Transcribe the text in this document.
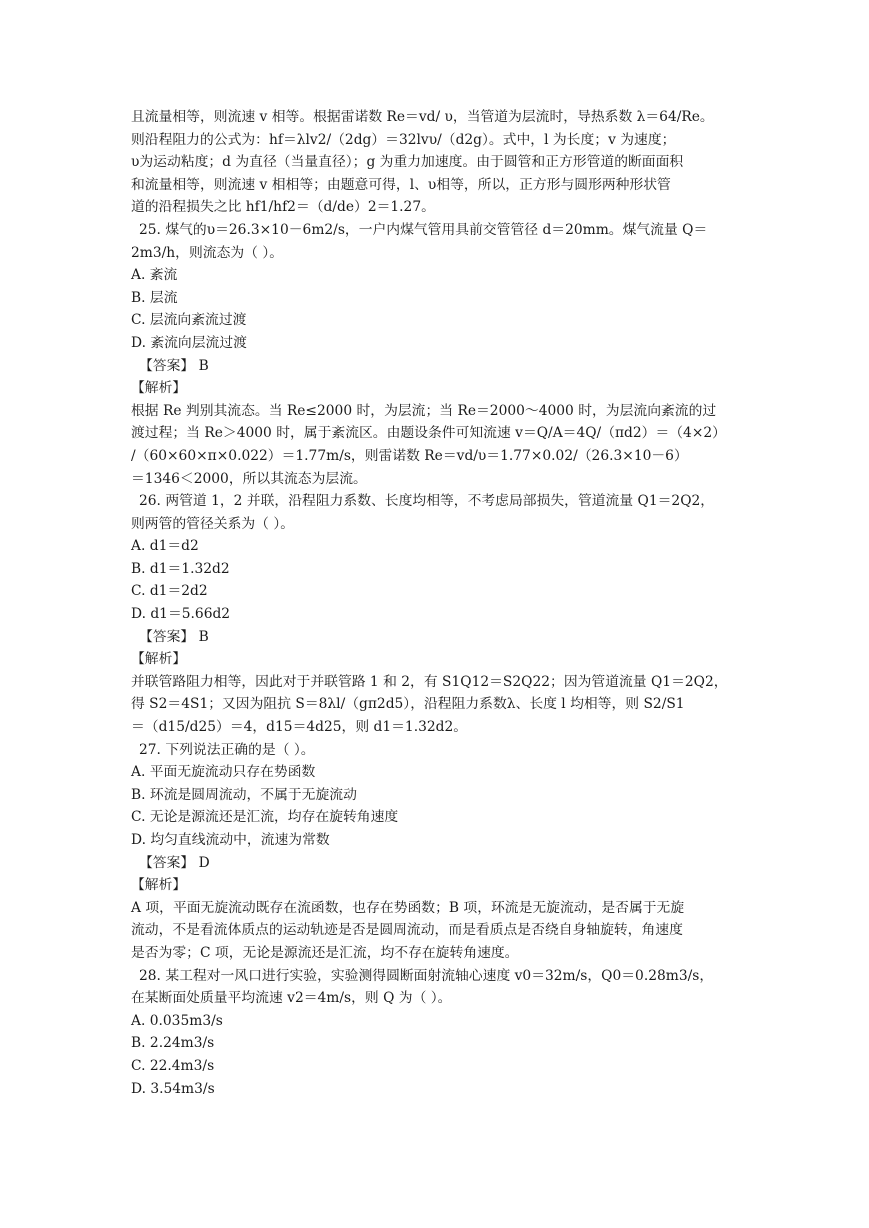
且流量相等，则流速 v 相等。根据雷诺数 Re＝vd/ υ，当管道为层流时，导热系数 λ＝64/Re。
则沿程阻力的公式为：hf＝λlv2/（2dg）＝32lvυ/（d2g）。式中，l 为长度；v 为速度；
υ为运动粘度；d 为直径（当量直径）；g 为重力加速度。由于圆管和正方形管道的断面面积
和流量相等，则流速 v 相相等；由题意可得，l、υ相等，所以，正方形与圆形两种形状管
道的沿程损失之比 hf1/hf2＝（d/de）2＝1.27。
25. 煤气的υ＝26.3×10－6m2/s，一户内煤气管用具前交管管径 d＝20mm。煤气流量 Q＝
2m3/h，则流态为（ ）。
A. 紊流
B. 层流
C. 层流向紊流过渡
D. 紊流向层流过渡
【答案】 B
【解析】
根据 Re 判别其流态。当 Re≤2000 时，为层流；当 Re＝2000～4000 时，为层流向紊流的过
渡过程；当 Re＞4000 时，属于紊流区。由题设条件可知流速 v＝Q/A＝4Q/（πd2）＝（4×2）
/（60×60×π×0.022）＝1.77m/s，则雷诺数 Re＝vd/υ＝1.77×0.02/（26.3×10－6）
＝1346＜2000，所以其流态为层流。
26. 两管道 1，2 并联，沿程阻力系数、长度均相等，不考虑局部损失，管道流量 Q1＝2Q2，
则两管的管径关系为（ ）。
A. d1＝d2
B. d1＝1.32d2
C. d1＝2d2
D. d1＝5.66d2
【答案】 B
【解析】
并联管路阻力相等，因此对于并联管路 1 和 2，有 S1Q12＝S2Q22；因为管道流量 Q1＝2Q2，
得 S2＝4S1；又因为阻抗 S＝8λl/（gπ2d5），沿程阻力系数λ、长度 l 均相等，则 S2/S1
＝（d15/d25）＝4，d15＝4d25，则 d1＝1.32d2。
27. 下列说法正确的是（ ）。
A. 平面无旋流动只存在势函数
B. 环流是圆周流动，不属于无旋流动
C. 无论是源流还是汇流，均存在旋转角速度
D. 均匀直线流动中，流速为常数
【答案】 D
【解析】
A 项，平面无旋流动既存在流函数，也存在势函数；B 项，环流是无旋流动，是否属于无旋
流动，不是看流体质点的运动轨迹是否是圆周流动，而是看质点是否绕自身轴旋转，角速度
是否为零；C 项，无论是源流还是汇流，均不存在旋转角速度。
28. 某工程对一风口进行实验，实验测得圆断面射流轴心速度 v0＝32m/s，Q0＝0.28m3/s，
在某断面处质量平均流速 v2＝4m/s，则 Q 为（ ）。
A. 0.035m3/s
B. 2.24m3/s
C. 22.4m3/s
D. 3.54m3/s
